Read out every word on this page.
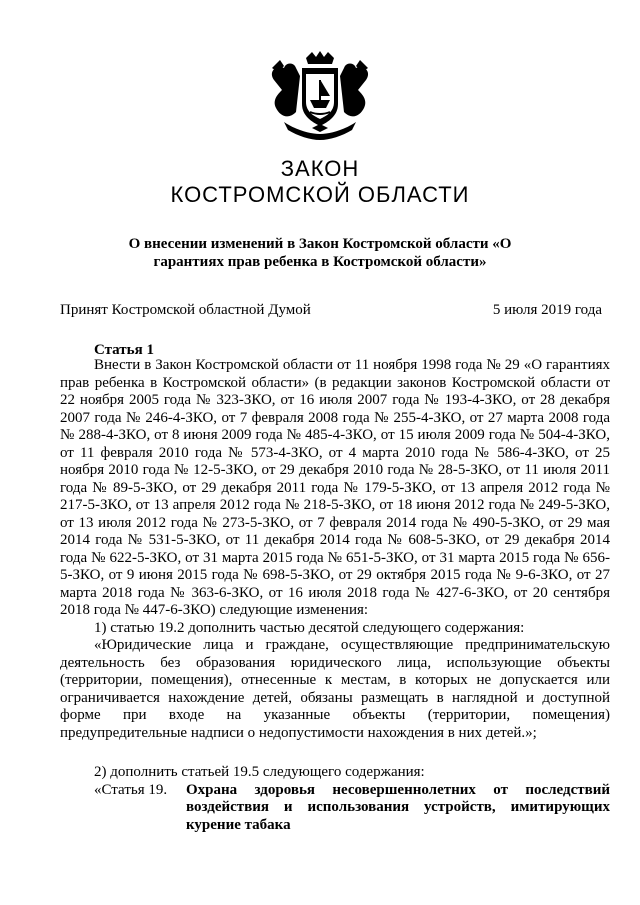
ЗАКОН
КОСТРОМСКОЙ ОБЛАСТИ
О внесении изменений в Закон Костромской области «О гарантиях прав ребенка в Костромской области»
Принят Костромской областной Думой	5 июля 2019 года
Статья 1

Внести в Закон Костромской области от 11 ноября 1998 года № 29 «О гарантиях прав ребенка в Костромской области» (в редакции законов Костромской области от 22 ноября 2005 года № 323-ЗКО, от 16 июля 2007 года № 193-4-ЗКО, от 28 декабря 2007 года № 246-4-ЗКО, от 7 февраля 2008 года № 255-4-ЗКО, от 27 марта 2008 года № 288-4-ЗКО, от 8 июня 2009 года № 485-4-ЗКО, от 15 июля 2009 года № 504-4-ЗКО, от 11 февраля 2010 года № 573-4-ЗКО, от 4 марта 2010 года № 586-4-ЗКО, от 25 ноября 2010 года № 12-5-ЗКО, от 29 декабря 2010 года № 28-5-ЗКО, от 11 июля 2011 года № 89-5-ЗКО, от 29 декабря 2011 года № 179-5-ЗКО, от 13 апреля 2012 года № 217-5-ЗКО, от 13 апреля 2012 года № 218-5-ЗКО, от 18 июня 2012 года № 249-5-ЗКО, от 13 июля 2012 года № 273-5-ЗКО, от 7 февраля 2014 года № 490-5-ЗКО, от 29 мая 2014 года № 531-5-ЗКО, от 11 декабря 2014 года № 608-5-ЗКО, от 29 декабря 2014 года № 622-5-ЗКО, от 31 марта 2015 года № 651-5-ЗКО, от 31 марта 2015 года № 656-5-ЗКО, от 9 июня 2015 года № 698-5-ЗКО, от 29 октября 2015 года № 9-6-ЗКО, от 27 марта 2018 года № 363-6-ЗКО, от 16 июля 2018 года № 427-6-ЗКО, от 20 сентября 2018 года № 447-6-ЗКО) следующие изменения:

1) статью 19.2 дополнить частью десятой следующего содержания:

«Юридические лица и граждане, осуществляющие предпринимательскую деятельность без образования юридического лица, использующие объекты (территории, помещения), отнесенные к местам, в которых не допускается или ограничивается нахождение детей, обязаны размещать в наглядной и доступной форме при входе на указанные объекты (территории, помещения) предупредительные надписи о недопустимости нахождения в них детей.»;

2) дополнить статьей 19.5 следующего содержания:

«Статья 19.	Охрана здоровья несовершеннолетних от последствий воздействия и использования устройств, имитирующих курение табака
